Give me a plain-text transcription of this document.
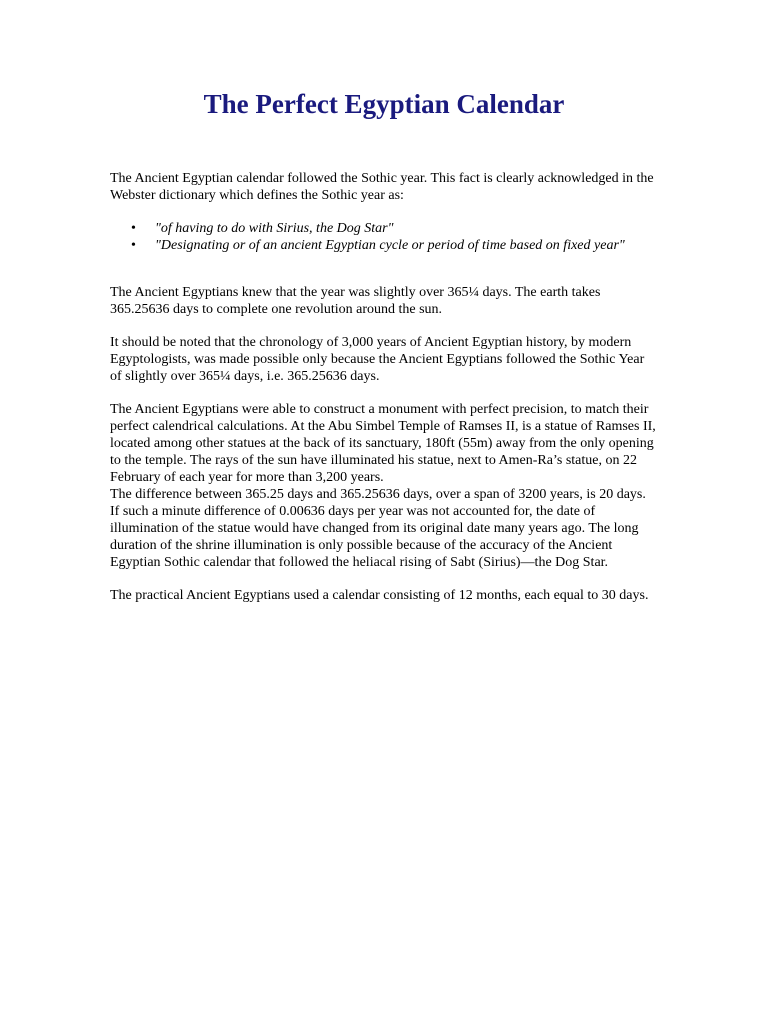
The Perfect Egyptian Calendar

The Ancient Egyptian calendar followed the Sothic year. This fact is clearly acknowledged in the Webster dictionary which defines the Sothic year as:

• "of having to do with Sirius, the Dog Star"
• "Designating or of an ancient Egyptian cycle or period of time based on fixed year"

The Ancient Egyptians knew that the year was slightly over 365¼ days. The earth takes 365.25636 days to complete one revolution around the sun.

It should be noted that the chronology of 3,000 years of Ancient Egyptian history, by modern Egyptologists, was made possible only because the Ancient Egyptians followed the Sothic Year of slightly over 365¼ days, i.e. 365.25636 days.

The Ancient Egyptians were able to construct a monument with perfect precision, to match their perfect calendrical calculations. At the Abu Simbel Temple of Ramses II, is a statue of Ramses II, located among other statues at the back of its sanctuary, 180ft (55m) away from the only opening to the temple. The rays of the sun have illuminated his statue, next to Amen-Ra’s statue, on 22 February of each year for more than 3,200 years.

The difference between 365.25 days and 365.25636 days, over a span of 3200 years, is 20 days. If such a minute difference of 0.00636 days per year was not accounted for, the date of illumination of the statue would have changed from its original date many years ago. The long duration of the shrine illumination is only possible because of the accuracy of the Ancient Egyptian Sothic calendar that followed the heliacal rising of Sabt (Sirius)—the Dog Star.

The practical Ancient Egyptians used a calendar consisting of 12 months, each equal to 30 days.
